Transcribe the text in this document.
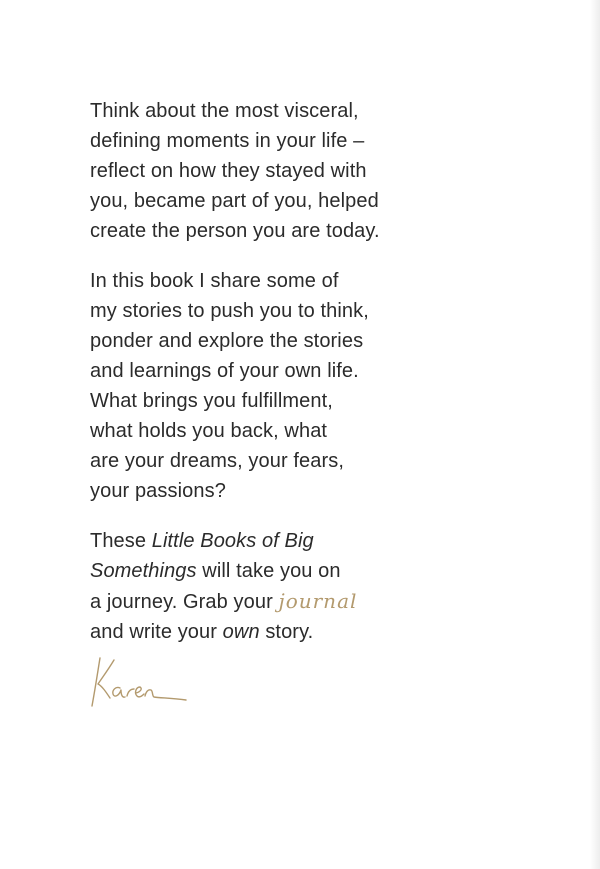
Think about the most visceral,
defining moments in your life –
reflect on how they stayed with
you, became part of you, helped
create the person you are today.

In this book I share some of
my stories to push you to think,
ponder and explore the stories
and learnings of your own life.
What brings you fulfillment,
what holds you back, what
are your dreams, your fears,
your passions?

These Little Books of Big
Somethings will take you on
a journey. Grab your journal
and write your own story.
